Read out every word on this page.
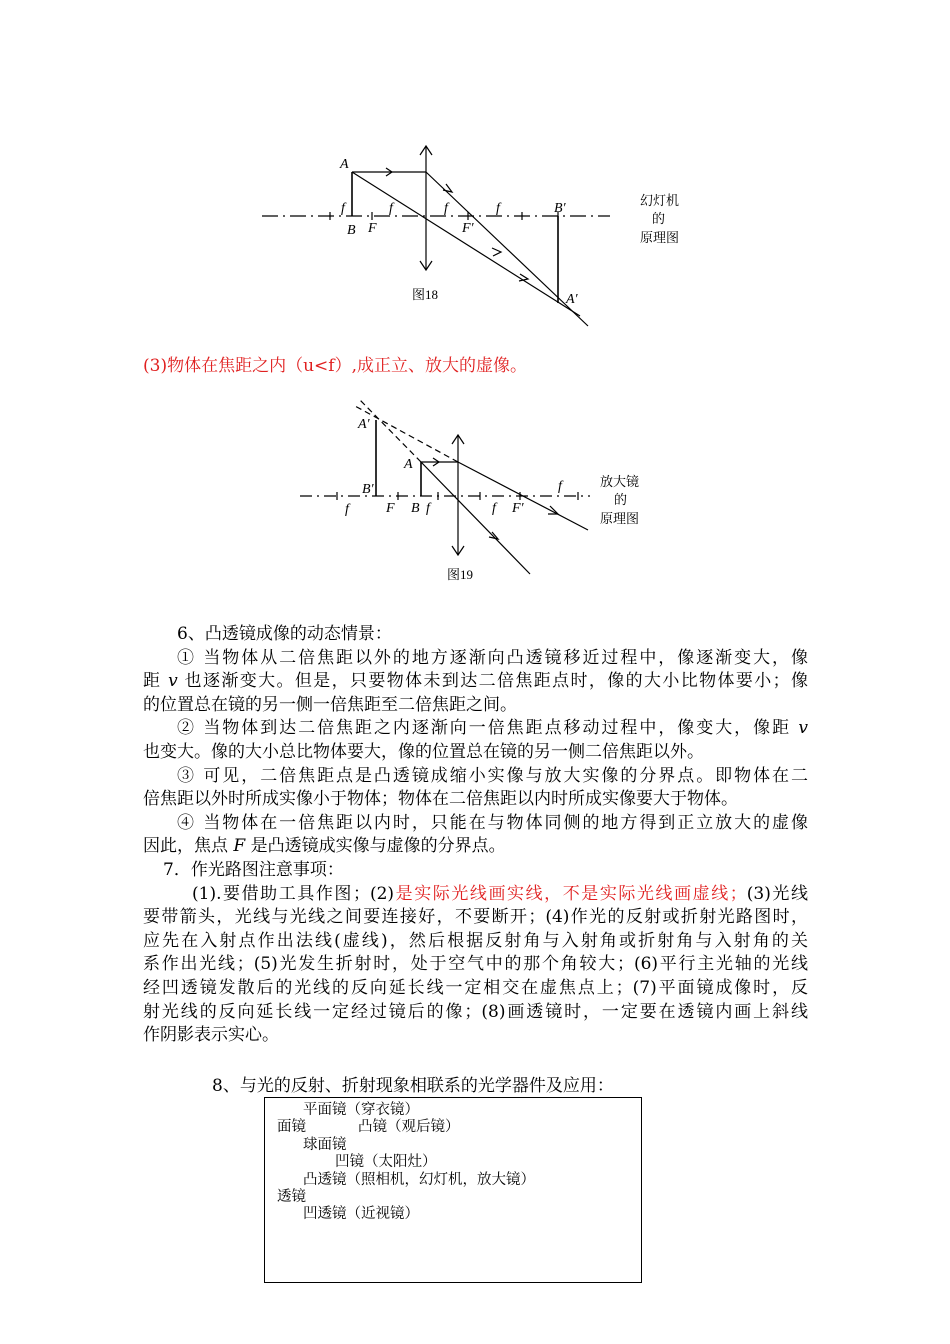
A
f
B F
f	f
F′
f	B′
A′
幻灯机
的
原理图
图18
(3)物体在焦距之内（u<f）,成正立、放大的虚像。
A′
A
B′
f	F B f	f F′
f	放大镜
的
原理图
图19
6、凸透镜成像的动态情景：
① 当物体从二倍焦距以外的地方逐渐向凸透镜移近过程中，像逐渐变大，像
距 v 也逐渐变大。但是，只要物体未到达二倍焦距点时，像的大小比物体要小；像
的位置总在镜的另一侧一倍焦距至二倍焦距之间。
② 当物体到达二倍焦距之内逐渐向一倍焦距点移动过程中，像变大，像距 v
也变大。像的大小总比物体要大，像的位置总在镜的另一侧二倍焦距以外。
③ 可见，二倍焦距点是凸透镜成缩小实像与放大实像的分界点。即物体在二
倍焦距以外时所成实像小于物体；物体在二倍焦距以内时所成实像要大于物体。
④ 当物体在一倍焦距以内时，只能在与物体同侧的地方得到正立放大的虚像
因此，焦点 F 是凸透镜成实像与虚像的分界点。
7．作光路图注意事项：
(1).要借助工具作图；(2)是实际光线画实线，不是实际光线画虚线；(3)光线
要带箭头，光线与光线之间要连接好，不要断开；(4)作光的反射或折射光路图时，
应先在入射点作出法线(虚线)，然后根据反射角与入射角或折射角与入射角的关
系作出光线；(5)光发生折射时，处于空气中的那个角较大；(6)平行主光轴的光线
经凹透镜发散后的光线的反向延长线一定相交在虚焦点上；(7)平面镜成像时，反
射光线的反向延长线一定经过镜后的像；(8)画透镜时，一定要在透镜内画上斜线
作阴影表示实心。
8、与光的反射、折射现象相联系的光学器件及应用：
平面镜（穿衣镜）
面镜	凸镜（观后镜）
球面镜
凹镜（太阳灶）
凸透镜（照相机，幻灯机，放大镜）
透镜
凹透镜（近视镜）
